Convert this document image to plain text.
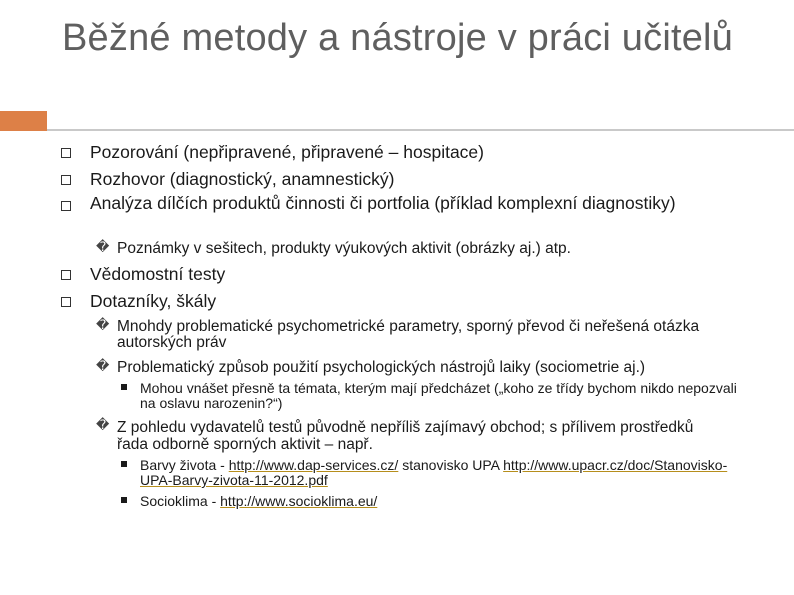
Běžné metody a nástroje v práci učitelů
Pozorování (nepřipravené, připravené – hospitace)
Rozhovor (diagnostický, anamnestický)
Analýza dílčích produktů činnosti či portfolia (příklad komplexní diagnostiky)
� Poznámky v sešitech, produkty výukových aktivit (obrázky aj.) atp.
Vědomostní testy
Dotazníky, škály
� Mnohdy problematické psychometrické parametry, sporný převod či neřešená otázka autorských práv
� Problematický způsob použití psychologických nástrojů laiky (sociometrie aj.)
Mohou vnášet přesně ta témata, kterým mají předcházet („koho ze třídy bychom nikdo nepozvali na oslavu narozenin?“)
� Z pohledu vydavatelů testů původně nepříliš zajímavý obchod; s přílivem prostředků řada odborně sporných aktivit – např.
Barvy života - http://www.dap-services.cz/ stanovisko UPA http://www.upacr.cz/doc/Stanovisko-UPA-Barvy-zivota-11-2012.pdf
Socioklima - http://www.socioklima.eu/
